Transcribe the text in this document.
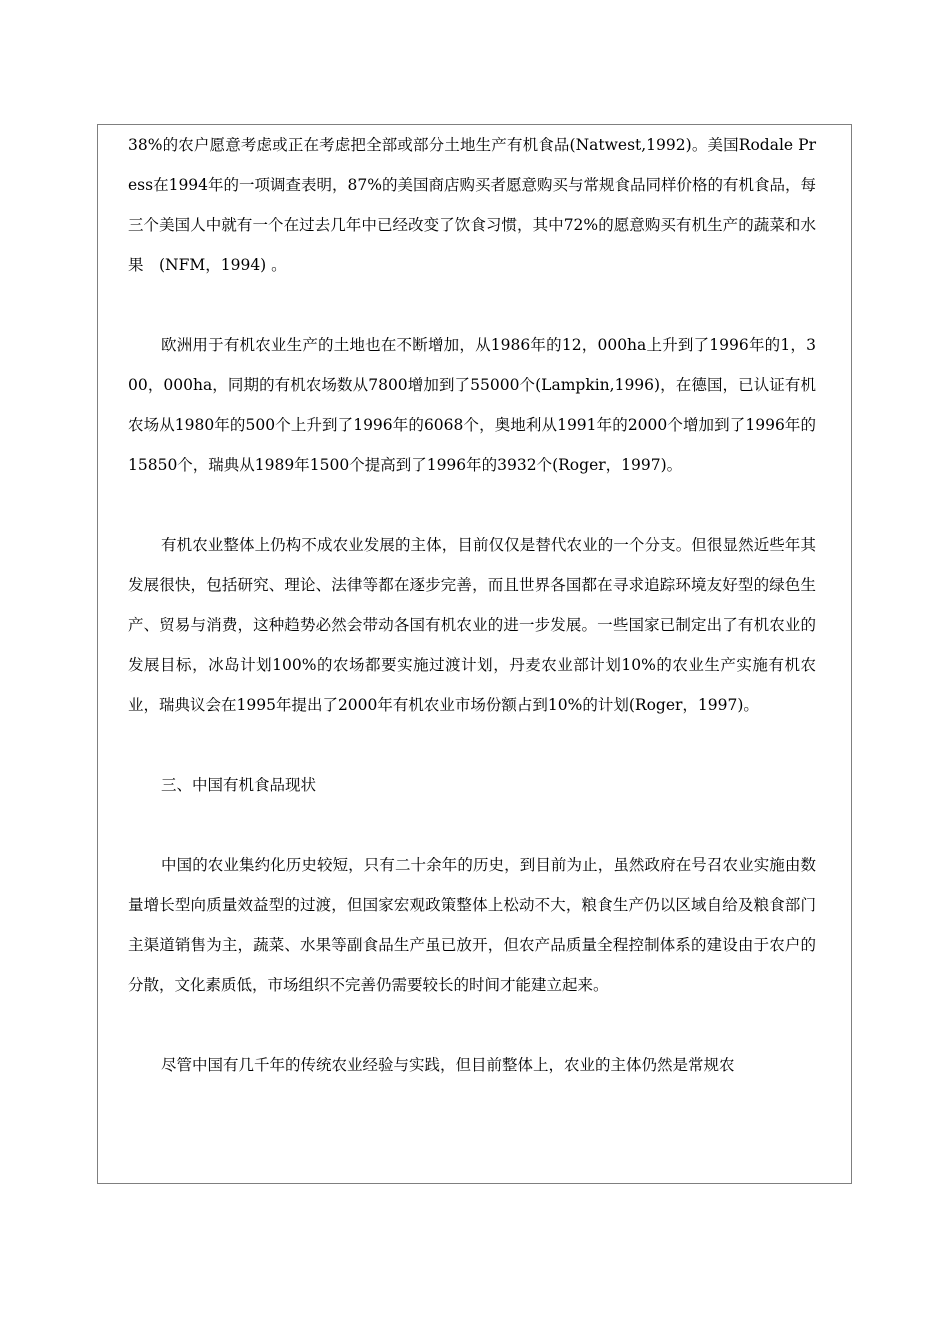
38%的农户愿意考虑或正在考虑把全部或部分土地生产有机食品(Natwest,1992)。美国Rodale Press在1994年的一项调查表明，87%的美国商店购买者愿意购买与常规食品同样价格的有机食品，每三个美国人中就有一个在过去几年中已经改变了饮食习惯，其中72%的愿意购买有机生产的蔬菜和水果　(NFM，1994) 。

欧洲用于有机农业生产的土地也在不断增加，从1986年的12，000ha上升到了1996年的1，300，000ha，同期的有机农场数从7800增加到了55000个(Lampkin,1996)，在德国，已认证有机农场从1980年的500个上升到了1996年的6068个，奥地利从1991年的2000个增加到了1996年的15850个，瑞典从1989年1500个提高到了1996年的3932个(Roger，1997)。

有机农业整体上仍构不成农业发展的主体，目前仅仅是替代农业的一个分支。但很显然近些年其发展很快，包括研究、理论、法律等都在逐步完善，而且世界各国都在寻求追踪环境友好型的绿色生产、贸易与消费，这种趋势必然会带动各国有机农业的进一步发展。一些国家已制定出了有机农业的发展目标，冰岛计划100%的农场都要实施过渡计划，丹麦农业部计划10%的农业生产实施有机农业，瑞典议会在1995年提出了2000年有机农业市场份额占到10%的计划(Roger，1997)。

三、中国有机食品现状

中国的农业集约化历史较短，只有二十余年的历史，到目前为止，虽然政府在号召农业实施由数量增长型向质量效益型的过渡，但国家宏观政策整体上松动不大，粮食生产仍以区域自给及粮食部门主渠道销售为主，蔬菜、水果等副食品生产虽已放开，但农产品质量全程控制体系的建设由于农户的分散，文化素质低，市场组织不完善仍需要较长的时间才能建立起来。

尽管中国有几千年的传统农业经验与实践，但目前整体上，农业的主体仍然是常规农
